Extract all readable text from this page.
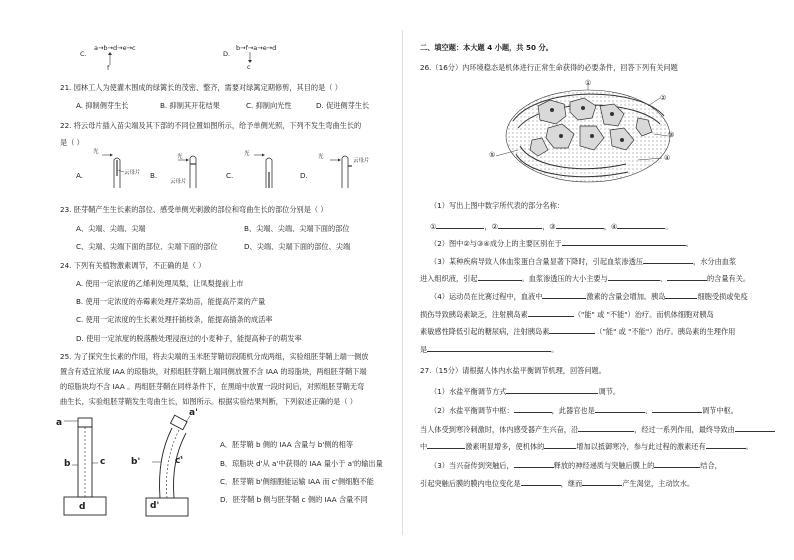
C.
a→b→d→e→c
f
D.
b→f→a→e→d
c
21. 园林工人为使灌木围成的绿篱长的茂密、整齐，需要对绿篱定期修剪，其目的是（ ）
A. 抑制侧芽生长	B. 抑制其开花结果	C. 抑制向光性	D. 促进侧芽生长
22. 将云母片插入苗尖端及其下部的不同位置如图所示，给予单侧光照，下列不发生弯曲生长的
是（ ）
A.	B.	C.	D.
光
云母片
光
云母片
光	光
云母片
23. 胚芽鞘产生生长素的部位、感受单侧光刺激的部位和弯曲生长的部位分别是（ ）
A、尖端、尖端、尖端	B、尖端、尖端、尖端下面的部位
C、尖端、尖端下面的部位、尖端下面的部位	D、尖端、尖端下面的部位、尖端
24. 下列有关植物激素调节，不正确的是（ ）
A. 使用一定浓度的乙烯利处理凤梨，让凤梨提前上市
B. 使用一定浓度的赤霉素处理芹菜幼苗，能提高芹菜的产量
C. 使用一定浓度的生长素处理扦插枝条，能提高插条的成活率
D. 使用一定浓度的脱落酸处理浸泡过的小麦种子，能提高种子的萌发率
25. 为了探究生长素的作用，将去尖端的玉米胚芽鞘切段随机分成两组，实验组胚芽鞘上端一侧放
置含有适宜浓度 IAA 的琼脂块，对照组胚芽鞘上端同侧放置不含 IAA 的琼脂块，两组胚芽鞘下端
的琼脂块均不含 IAA 。两组胚芽鞘在同样条件下，在黑暗中放置一段时间后，对照组胚芽鞘无弯
曲生长，实验组胚芽鞘发生弯曲生长，如图所示。根据实验结果判断，下列叙述正确的是（ ）
a
b	c
d
a'
b'	c'
d'
A．胚芽鞘 b 侧的 IAA 含量与 b'侧的相等
B．琼脂块 d'从 a'中获得的 IAA 量小于 a'的输出量
C．胚芽鞘 b'侧细胞能运输 IAA 而 c'侧细胞不能
D．胚芽鞘 b 侧与胚芽鞘 c 侧的 IAA 含量不同
二、填空题：本大题 4 小题，共 50 分。
26.（16分）内环境稳态是机体进行正常生命获得的必要条件，回答下列有关问题
①
②
③
④
⑤
（1）写出上图中数字所代表的部分名称：
①	，②	，③	，④	。
（2）图中②与③④成分上的主要区别在于	。
（3）某种疾病导致人体血浆蛋白含量显著下降时，引起血浆渗透压	，水分由血浆
进入组织液，引起	。血浆渗透压的大小主要与	、	的含量有关。
（4）运动员在比赛过程中，血液中	激素的含量会增加。胰岛	细胞受损或免疫
损伤导致胰岛素缺乏，注射胰岛素	（"能" 或 "不能"）治疗。而机体细胞对胰岛
素敏感性降低引起的糖尿病，注射胰岛素	（"能" 或 "不能"）治疗。胰岛素的生理作用
是	。
27.（15分）请根据人体内水盐平衡调节机理，回答问题。
（1）水盐平衡调节方式	调节。
（2）水盐平衡调节中枢：	，此器官也是	、	调节中枢。
当人体受到寒冷刺激时，体内感受器产生兴奋，沿	，经过一系列作用，最终导致由
中	激素明显增多，使机体的	增加以抵御寒冷，参与此过程的激素还有	。
（3）当兴奋传到突触后，	释放的神经递质与突触后膜上的	结合，
引起突触后膜的膜内电位变化是	，继而	产生渴觉，主动饮水。
